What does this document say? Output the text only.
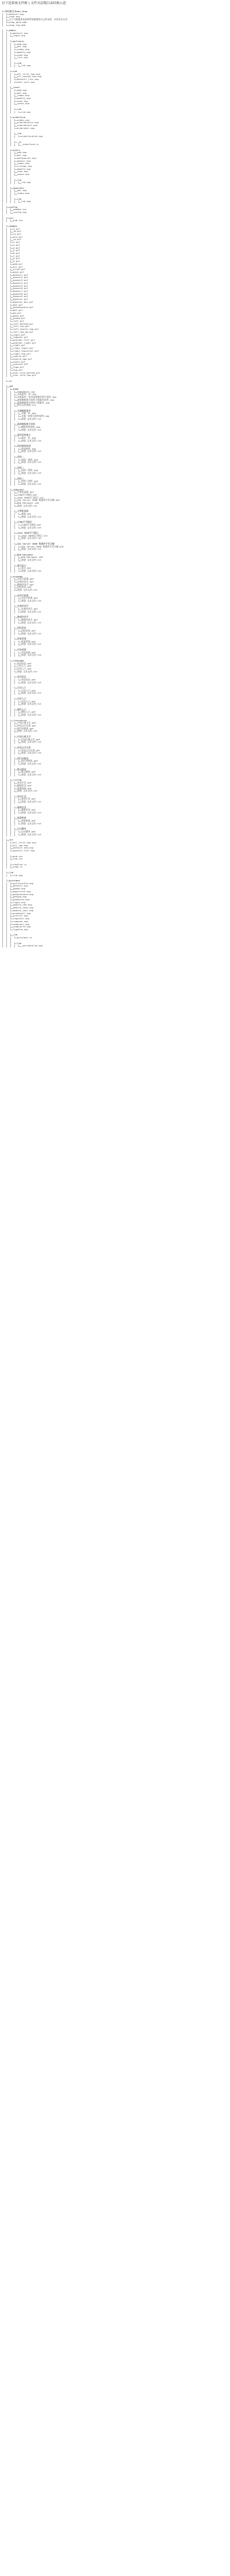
以下是系统文件树 | 文件夹层级目录结构示意
网站根目录www_shop
default.asp
conn.asp
以下为数据库连接和系统配置相关文件说明，具体见各目录
shop_data.mdb
shop_log.mdb
admin
default.asp
login.asp
bulletin
add.asp
del.asp
index.asp
modify.asp
save.asp
list.asp
lib
lib.asp
cat
all_first_top.asp
all_second_top.asp
default_list.asp
edit_sort.asp
level
add.asp
del.asp
index.asp
modify.asp
save.asp
saves.asp
lib
lib.asp
orderform
index.asp
orderdetails.asp
orderdetail.asp
orderedit.asp
lib
orderformlib.asp
_js
_orderform.js
users
add.asp
del.asp
delSpecial.asp
detail.asp
index.asp
listUps.asp
modify.asp
save.asp
saves.asp
lib
lib.asp
specials
del.asp
index.asp
lib
lib.asp
config
adodbc.inc
config.asp
css
pub.css
images
1.gif
10.gif
11.gif
bla.gif
1a.gif
2.gif
3.gif
4.gif
5.gif
6.gif
7.gif
8.gif
9.gif
add.gif
arr.gif
arrow.gif
back.gif
banner1.gif
banner2.gif
banner3.gif
banner4.gif
banner5.gif
banner6.gif
banner7.gif
banner8.gif
banner9.gif
bgcolor.gif
bgcolor_bar.gif
dot.gif
getpassword.gif
gol.gif
go.gif
goto.gif
group.gif
left.gif
left_bottom.gif
left_top.gif
left_search_top.gif
left_top_bg.gif
login.gif
logouts.gif
phorder.left.gif
phorder_right.gif
right.gif
right_login.gif
right_topcorner.gif
right_top.gif
search.gif
search_pgo.gif
seeit.gif
sestore.GIF
tcgo.gif
top.gif
user_info_bottom.gif
user_info_top.gif
js
xml
home
homeAbout.jpg
木板素材一张.jpg
木板素材一张木纹理素材图片说明.jpg
最新模板相关资料下载素材说明.jpg
最新模板相关资料下载素材.jpg
相关文件说明.txt
头像模板素材
头像一张.jpg
头像一张相关资料说明.jpg
新建 文本文档.txt
最新模板相关资料
模板资料说明.jpg
新建 文本文档.txt
素材资料集合
素材一张.jpg
新建 文本文档.txt
网站整体规划
规划说明.jpg
新建 文本文档.txt
资料一
资料一说明.jpg
新建 文本文档.txt
资料二
资料二说明.jpg
新建 文本文档.txt
资料三
资料三说明.jpg
新建 文本文档.txt
computer
计算机基础.doc
CCNA学习指南.pdf
Java 2000学习笔记.txt
SQL Server 2000 数据库开发详解.pdf
Web Designer.chm
新建 文本文档.txt
计算机基础
基础.doc
新建 文本文档.txt
CCNA学习指南
CCNA学习指南.pdf
新建 文本文档.txt
Java 2000学习笔记
Java 2000学习笔记.txt
新建 文本文档.txt
SQL Server 2000 数据库开发详解
SQL Server 2000 数据库开发详解.pdf
新建 文本文档.txt
Web Designer
Web Designer.chm
新建 文本文档.txt
算法设计
算法.doc
新建 文本文档.txt
economy
经济学原理.pdf
宏观经济学.pdf
微观经济学.pdf
国际贸易.pdf
新建 文本文档.txt
经济学原理
经济学原理.pdf
新建 文本文档.txt
宏观经济学
宏观经济学.pdf
新建 文本文档.txt
微观经济学
微观经济学.pdf
新建 文本文档.txt
国际贸易
国际贸易.pdf
新建 文本文档.txt
财务管理
财务管理.pdf
新建 文本文档.txt
市场营销
市场营销.pdf
新建 文本文档.txt
language
英语语法.pdf
日语入门.pdf
法语入门.pdf
新建 文本文档.txt
英语语法
英语语法.pdf
新建 文本文档.txt
日语入门
日语入门.pdf
新建 文本文档.txt
法语入门
法语入门.pdf
新建 文本文档.txt
德语入门
德语入门.pdf
新建 文本文档.txt
literature
中国古典文学.pdf
外国文学名著.pdf
现代诗歌选.pdf
新建 文本文档.txt
中国古典文学
中国古典文学.pdf
新建 文本文档.txt
外国文学名著
外国文学名著.pdf
新建 文本文档.txt
现代诗歌选
现代诗歌选.pdf
新建 文本文档.txt
散文精选
散文精选.pdf
新建 文本文档.txt
living
家居生活.pdf
健康饮食.pdf
旅游指南.pdf
新建 文本文档.txt
家居生活
家居生活.pdf
新建 文本文档.txt
健康饮食
健康饮食.pdf
新建 文本文档.txt
旅游指南
旅游指南.pdf
新建 文本文档.txt
运动健身
运动健身.pdf
新建 文本文档.txt
inc
all_first_top.asp
all_top.asp
default_end.asp
default_left.asp
pub.css
top.css
rowSize.js
shop.js
lib
lib.asp
purchase
bulletinFrm.asp
default.asp
dgnew.asp
dgservice.asp
getpassword.asp
getpwd.asp
goodinfo.asp
login.asp
modify_new.asp
modify_save.asp
modify_user.asp
prodetail.asp
prolist.asp
register.asp
regsave.asp
shopcart.asp
shopcarth.asp
TypeFrm.asp
lib
purchase.js
lib
_purchaselib.asp
